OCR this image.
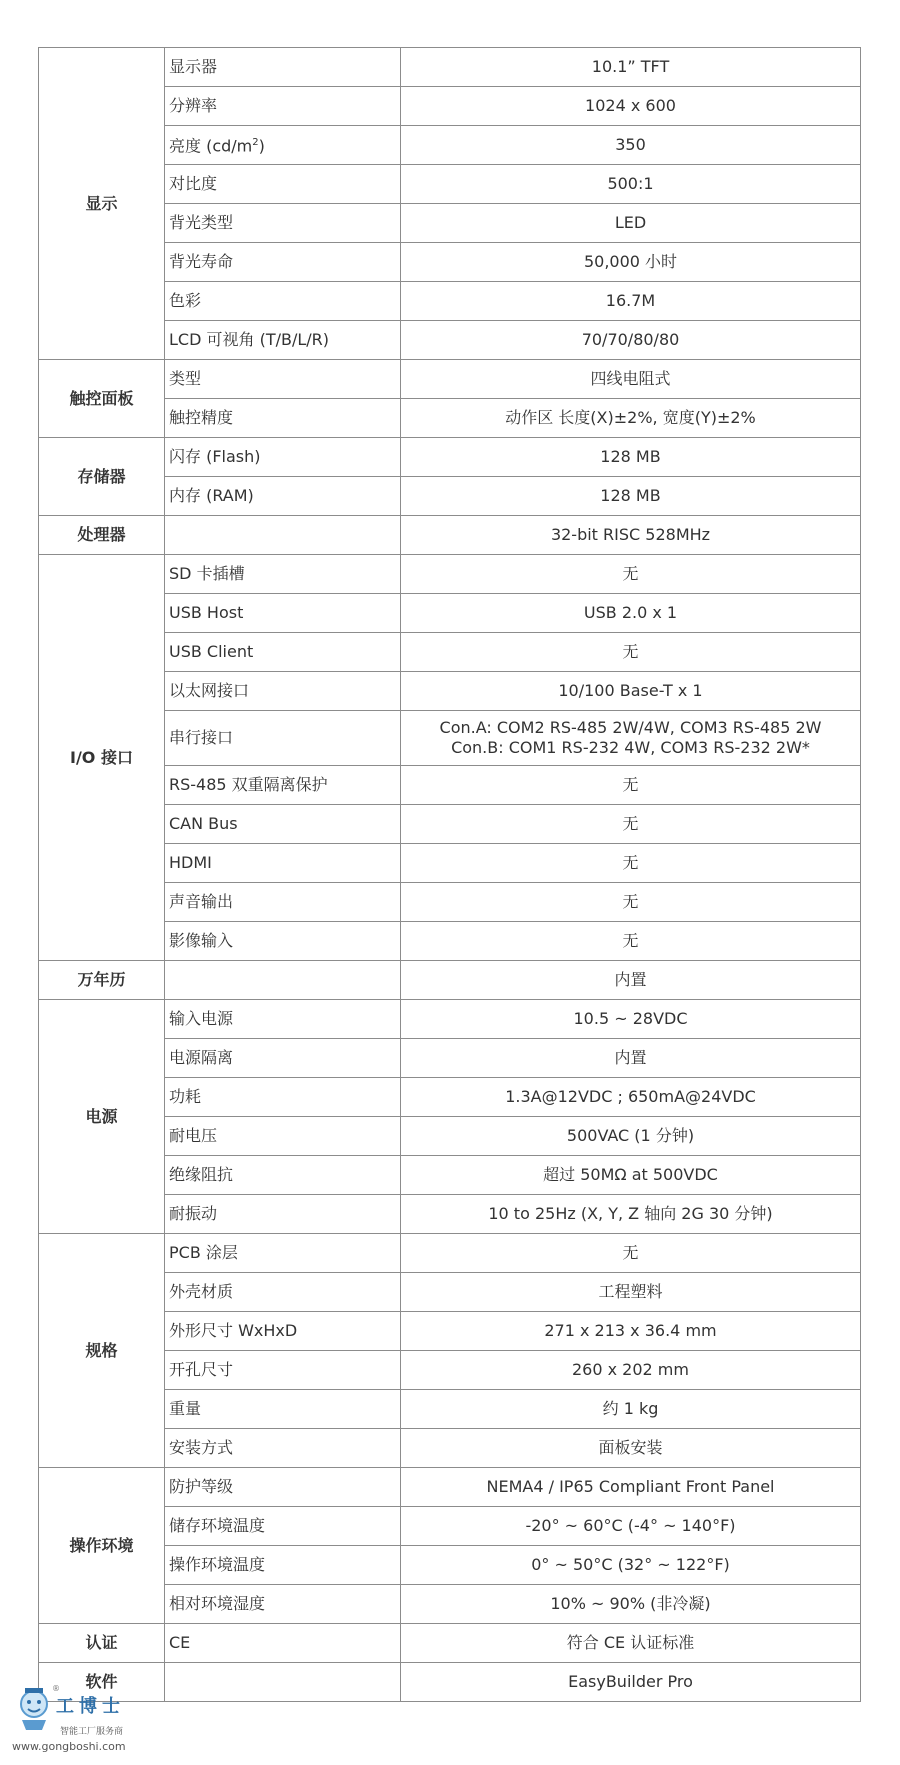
显示	显示器	10.1” TFT
	分辨率	1024 x 600
	亮度 $(cd/m^2)$	350
	对比度	500:1
	背光类型	LED
	背光寿命	50,000 小时
	色彩	16.7M
	LCD 可视角 (T/B/L/R)	70/70/80/80
触控面板	类型	四线电阻式
	触控精度	动作区 长度(X)±2%, 宽度(Y)±2%
存储器	闪存 (Flash)	128 MB
	内存 (RAM)	128 MB
处理器		32-bit RISC 528MHz
I/O 接口	SD 卡插槽	无
	USB Host	USB 2.0 x 1
	USB Client	无
	以太网接口	10/100 Base-T x 1
	串行接口	Con.A: COM2 RS-485 2W/4W, COM3 RS-485 2W
Con.B: COM1 RS-232 4W, COM3 RS-232 2W*

	RS-485 双重隔离保护	无
	CAN Bus	无
	HDMI	无
	声音输出	无
	影像输入	无
万年历		内置
电源	输入电源	10.5 ~ 28VDC
	电源隔离	内置
	功耗	1.3A@12VDC ; 650mA@24VDC
	耐电压	500VAC (1 分钟)
	绝缘阻抗	超过 50MΩ at 500VDC
	耐振动	10 to 25Hz (X, Y, Z 轴向 2G 30 分钟)
规格	PCB 涂层	无
	外壳材质	工程塑料
	外形尺寸 WxHxD	271 x 213 x 36.4 mm
	开孔尺寸	260 x 202 mm
	重量	约 1 kg
	安装方式	面板安装
操作环境	防护等级	NEMA4 / IP65 Compliant Front Panel
	储存环境温度	-20° ~ 60°C (-4° ~ 140°F)
	操作环境温度	0° ~ 50°C (32° ~ 122°F)
	相对环境湿度	10% ~ 90% (非冷凝)
认证	CE	符合 CE 认证标准
软件		EasyBuilder Pro
®
工博士
智能工厂服务商
www.gongboshi.com
